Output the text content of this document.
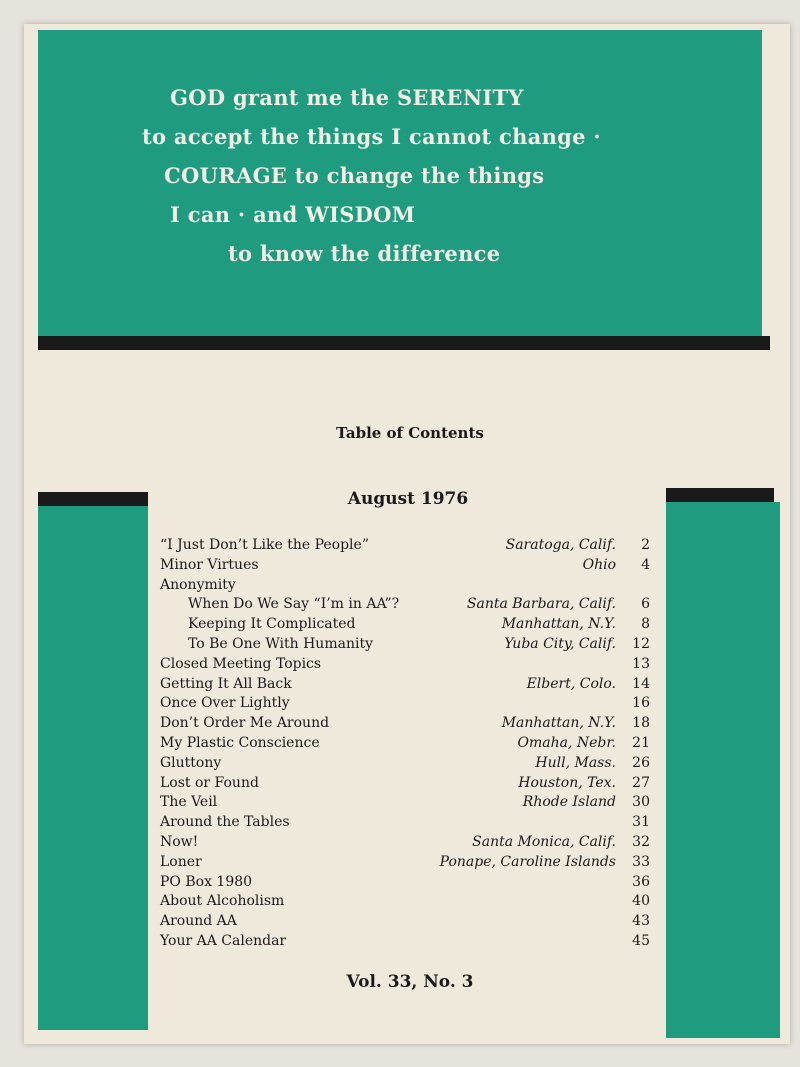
GOD grant me the SERENITY
to accept the things I cannot change ·
COURAGE to change the things
I can · and WISDOM
to know the difference
Table of Contents
August 1976
“I Just Don’t Like the People”	Saratoga, Calif.	2
Minor Virtues	Ohio	4
Anonymity
When Do We Say “I’m in AA”?	Santa Barbara, Calif.	6
Keeping It Complicated	Manhattan, N.Y.	8
To Be One With Humanity	Yuba City, Calif.	12
Closed Meeting Topics	13
Getting It All Back	Elbert, Colo.	14
Once Over Lightly	16
Don’t Order Me Around	Manhattan, N.Y.	18
My Plastic Conscience	Omaha, Nebr.	21
Gluttony	Hull, Mass.	26
Lost or Found	Houston, Tex.	27
The Veil	Rhode Island	30
Around the Tables	31
Now!	Santa Monica, Calif.	32
Loner	Ponape, Caroline Islands	33
PO Box 1980	36
About Alcoholism	40
Around AA	43
Your AA Calendar	45
Vol. 33, No. 3
